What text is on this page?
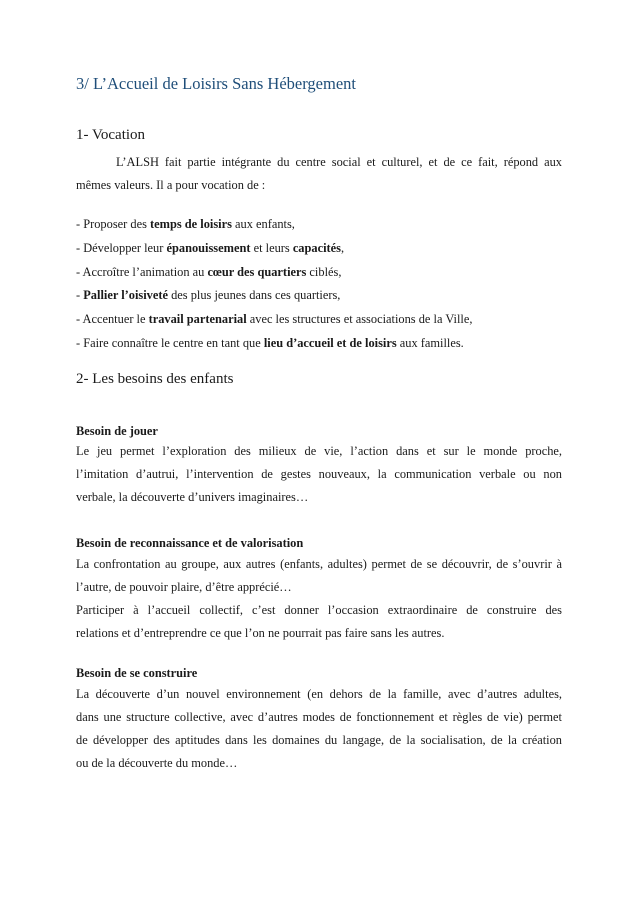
3/ L’Accueil de Loisirs Sans Hébergement
1- Vocation
L’ALSH fait partie intégrante du centre social et culturel, et de ce fait, répond aux
mêmes valeurs. Il a pour vocation de :
- Proposer des temps de loisirs aux enfants,
- Développer leur épanouissement et leurs capacités,
- Accroître l’animation au cœur des quartiers ciblés,
- Pallier l’oisiveté des plus jeunes dans ces quartiers,
- Accentuer le travail partenarial avec les structures et associations de la Ville,
- Faire connaître le centre en tant que lieu d’accueil et de loisirs aux familles.
2- Les besoins des enfants
Besoin de jouer
Le jeu permet l’exploration des milieux de vie, l’action dans et sur le monde proche,
l’imitation d’autrui, l’intervention de gestes nouveaux, la communication verbale ou non
verbale, la découverte d’univers imaginaires…
Besoin de reconnaissance et de valorisation
La confrontation au groupe, aux autres (enfants, adultes) permet de se découvrir, de s’ouvrir à
l’autre, de pouvoir plaire, d’être apprécié…
Participer à l’accueil collectif, c’est donner l’occasion extraordinaire de construire des
relations et d’entreprendre ce que l’on ne pourrait pas faire sans les autres.
Besoin de se construire
La découverte d’un nouvel environnement (en dehors de la famille, avec d’autres adultes,
dans une structure collective, avec d’autres modes de fonctionnement et règles de vie) permet
de développer des aptitudes dans les domaines du langage, de la socialisation, de la création
ou de la découverte du monde…
